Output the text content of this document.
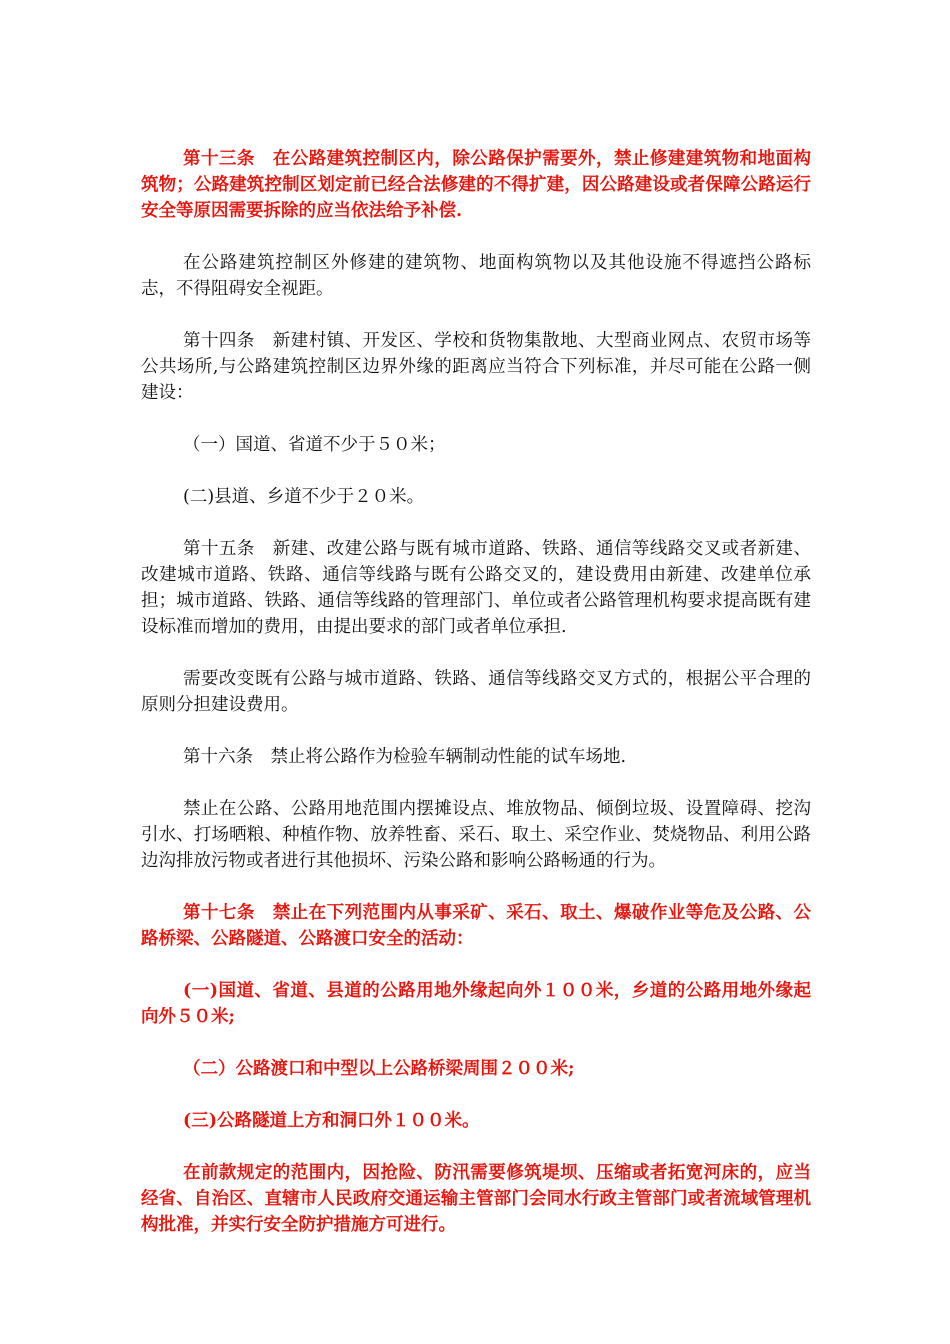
第十三条　在公路建筑控制区内，除公路保护需要外，禁止修建建筑物和地面构筑物；公路建筑控制区划定前已经合法修建的不得扩建，因公路建设或者保障公路运行安全等原因需要拆除的应当依法给予补偿.

在公路建筑控制区外修建的建筑物、地面构筑物以及其他设施不得遮挡公路标志，不得阻碍安全视距。

第十四条　新建村镇、开发区、学校和货物集散地、大型商业网点、农贸市场等公共场所,与公路建筑控制区边界外缘的距离应当符合下列标准，并尽可能在公路一侧建设：

（一）国道、省道不少于５０米；

(二)县道、乡道不少于２０米。

第十五条　新建、改建公路与既有城市道路、铁路、通信等线路交叉或者新建、改建城市道路、铁路、通信等线路与既有公路交叉的，建设费用由新建、改建单位承担；城市道路、铁路、通信等线路的管理部门、单位或者公路管理机构要求提高既有建设标准而增加的费用，由提出要求的部门或者单位承担.

需要改变既有公路与城市道路、铁路、通信等线路交叉方式的，根据公平合理的原则分担建设费用。

第十六条　禁止将公路作为检验车辆制动性能的试车场地.

禁止在公路、公路用地范围内摆摊设点、堆放物品、倾倒垃圾、设置障碍、挖沟引水、打场晒粮、种植作物、放养牲畜、采石、取土、采空作业、焚烧物品、利用公路边沟排放污物或者进行其他损坏、污染公路和影响公路畅通的行为。

第十七条　禁止在下列范围内从事采矿、采石、取土、爆破作业等危及公路、公路桥梁、公路隧道、公路渡口安全的活动：

(一)国道、省道、县道的公路用地外缘起向外１００米，乡道的公路用地外缘起向外５０米;

（二）公路渡口和中型以上公路桥梁周围２００米;

(三)公路隧道上方和洞口外１００米。

在前款规定的范围内，因抢险、防汛需要修筑堤坝、压缩或者拓宽河床的，应当经省、自治区、直辖市人民政府交通运输主管部门会同水行政主管部门或者流域管理机构批准，并实行安全防护措施方可进行。
